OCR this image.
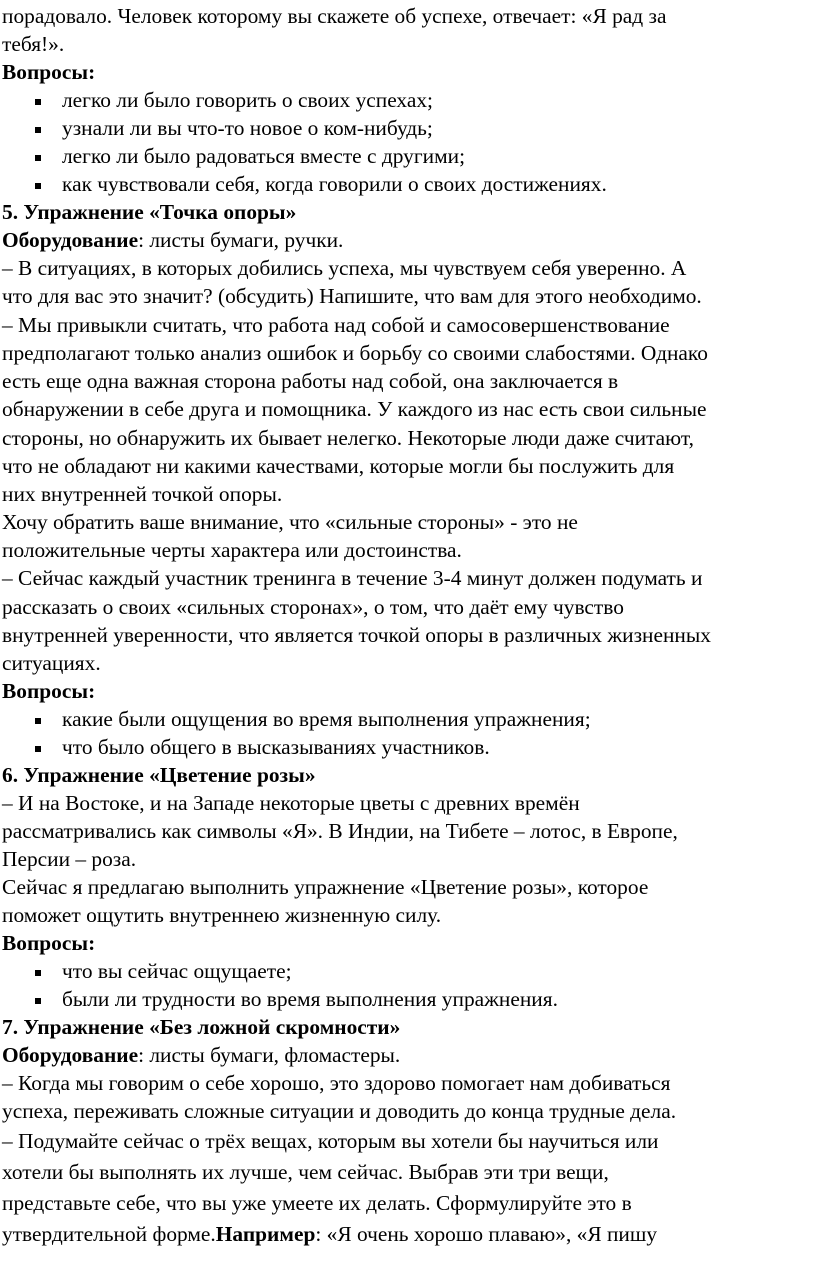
порадовало. Человек которому вы скажете об успехе, отвечает: «Я рад за
тебя!».
Вопросы:
легко ли было говорить о своих успехах;
узнали ли вы что-то новое о ком-нибудь;
легко ли было радоваться вместе с другими;
как чувствовали себя, когда говорили о своих достижениях.
5. Упражнение «Точка опоры»
Оборудование: листы бумаги, ручки.
– В ситуациях, в которых добились успеха, мы чувствуем себя уверенно. А
что для вас это значит? (обсудить) Напишите, что вам для этого необходимо.
– Мы привыкли считать, что работа над собой и самосовершенствование
предполагают только анализ ошибок и борьбу со своими слабостями. Однако
есть еще одна важная сторона работы над собой, она заключается в
обнаружении в себе друга и помощника. У каждого из нас есть свои сильные
стороны, но обнаружить их бывает нелегко. Некоторые люди даже считают,
что не обладают ни какими качествами, которые могли бы послужить для
них внутренней точкой опоры.
Хочу обратить ваше внимание, что «сильные стороны» - это не
положительные черты характера или достоинства.
– Сейчас каждый участник тренинга в течение 3-4 минут должен подумать и
рассказать о своих «сильных сторонах», о том, что даёт ему чувство
внутренней уверенности, что является точкой опоры в различных жизненных
ситуациях.
Вопросы:
какие были ощущения во время выполнения упражнения;
что было общего в высказываниях участников.
6. Упражнение «Цветение розы»
– И на Востоке, и на Западе некоторые цветы с древних времён
рассматривались как символы «Я». В Индии, на Тибете – лотос, в Европе,
Персии – роза.
Сейчас я предлагаю выполнить упражнение «Цветение розы», которое
поможет ощутить внутреннею жизненную силу.
Вопросы:
что вы сейчас ощущаете;
были ли трудности во время выполнения упражнения.
7. Упражнение «Без ложной скромности»
Оборудование: листы бумаги, фломастеры.
– Когда мы говорим о себе хорошо, это здорово помогает нам добиваться
успеха, переживать сложные ситуации и доводить до конца трудные дела.
– Подумайте сейчас о трёх вещах, которым вы хотели бы научиться или
хотели бы выполнять их лучше, чем сейчас. Выбрав эти три вещи,
представьте себе, что вы уже умеете их делать. Сформулируйте это в
утвердительной форме.Например: «Я очень хорошо плаваю», «Я пишу
